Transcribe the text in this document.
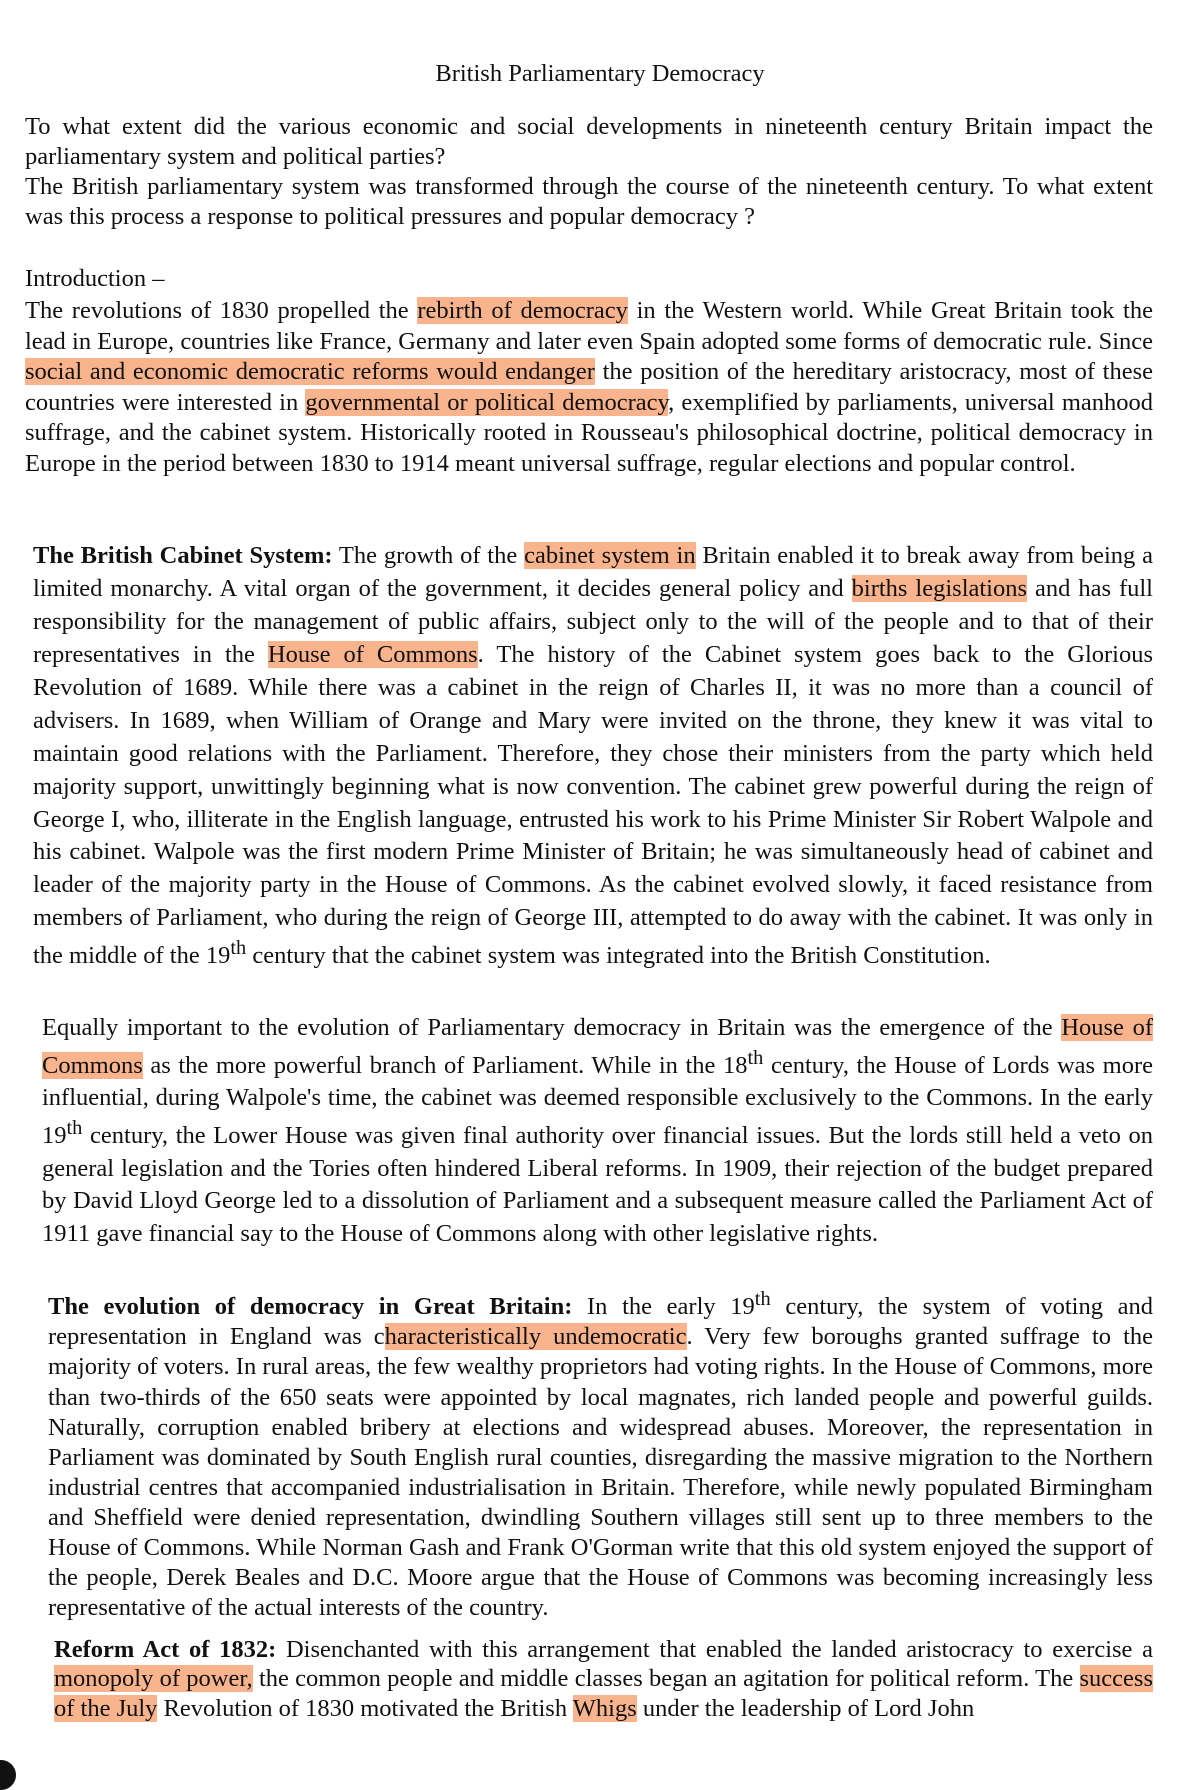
British Parliamentary Democracy
To what extent did the various economic and social developments in nineteenth century Britain impact the parliamentary system and political parties?
The British parliamentary system was transformed through the course of the nineteenth century. To what extent was this process a response to political pressures and popular democracy ?
Introduction –
The revolutions of 1830 propelled the rebirth of democracy in the Western world. While Great Britain took the lead in Europe, countries like France, Germany and later even Spain adopted some forms of democratic rule. Since social and economic democratic reforms would endanger the position of the hereditary aristocracy, most of these countries were interested in governmental or political democracy, exemplified by parliaments, universal manhood suffrage, and the cabinet system. Historically rooted in Rousseau's philosophical doctrine, political democracy in Europe in the period between 1830 to 1914 meant universal suffrage, regular elections and popular control.
The British Cabinet System: The growth of the cabinet system in Britain enabled it to break away from being a limited monarchy. A vital organ of the government, it decides general policy and births legislations and has full responsibility for the management of public affairs, subject only to the will of the people and to that of their representatives in the House of Commons. The history of the Cabinet system goes back to the Glorious Revolution of 1689. While there was a cabinet in the reign of Charles II, it was no more than a council of advisers. In 1689, when William of Orange and Mary were invited on the throne, they knew it was vital to maintain good relations with the Parliament. Therefore, they chose their ministers from the party which held majority support, unwittingly beginning what is now convention. The cabinet grew powerful during the reign of George I, who, illiterate in the English language, entrusted his work to his Prime Minister Sir Robert Walpole and his cabinet. Walpole was the first modern Prime Minister of Britain; he was simultaneously head of cabinet and leader of the majority party in the House of Commons. As the cabinet evolved slowly, it faced resistance from members of Parliament, who during the reign of George III, attempted to do away with the cabinet. It was only in the middle of the 19th century that the cabinet system was integrated into the British Constitution.
Equally important to the evolution of Parliamentary democracy in Britain was the emergence of the House of Commons as the more powerful branch of Parliament. While in the 18th century, the House of Lords was more influential, during Walpole's time, the cabinet was deemed responsible exclusively to the Commons. In the early 19th century, the Lower House was given final authority over financial issues. But the lords still held a veto on general legislation and the Tories often hindered Liberal reforms. In 1909, their rejection of the budget prepared by David Lloyd George led to a dissolution of Parliament and a subsequent measure called the Parliament Act of 1911 gave financial say to the House of Commons along with other legislative rights.
The evolution of democracy in Great Britain: In the early 19th century, the system of voting and representation in England was characteristically undemocratic. Very few boroughs granted suffrage to the majority of voters. In rural areas, the few wealthy proprietors had voting rights. In the House of Commons, more than two-thirds of the 650 seats were appointed by local magnates, rich landed people and powerful guilds. Naturally, corruption enabled bribery at elections and widespread abuses. Moreover, the representation in Parliament was dominated by South English rural counties, disregarding the massive migration to the Northern industrial centres that accompanied industrialisation in Britain. Therefore, while newly populated Birmingham and Sheffield were denied representation, dwindling Southern villages still sent up to three members to the House of Commons. While Norman Gash and Frank O'Gorman write that this old system enjoyed the support of the people, Derek Beales and D.C. Moore argue that the House of Commons was becoming increasingly less representative of the actual interests of the country.
Reform Act of 1832: Disenchanted with this arrangement that enabled the landed aristocracy to exercise a monopoly of power, the common people and middle classes began an agitation for political reform. The success of the July Revolution of 1830 motivated the British Whigs under the leadership of Lord John
